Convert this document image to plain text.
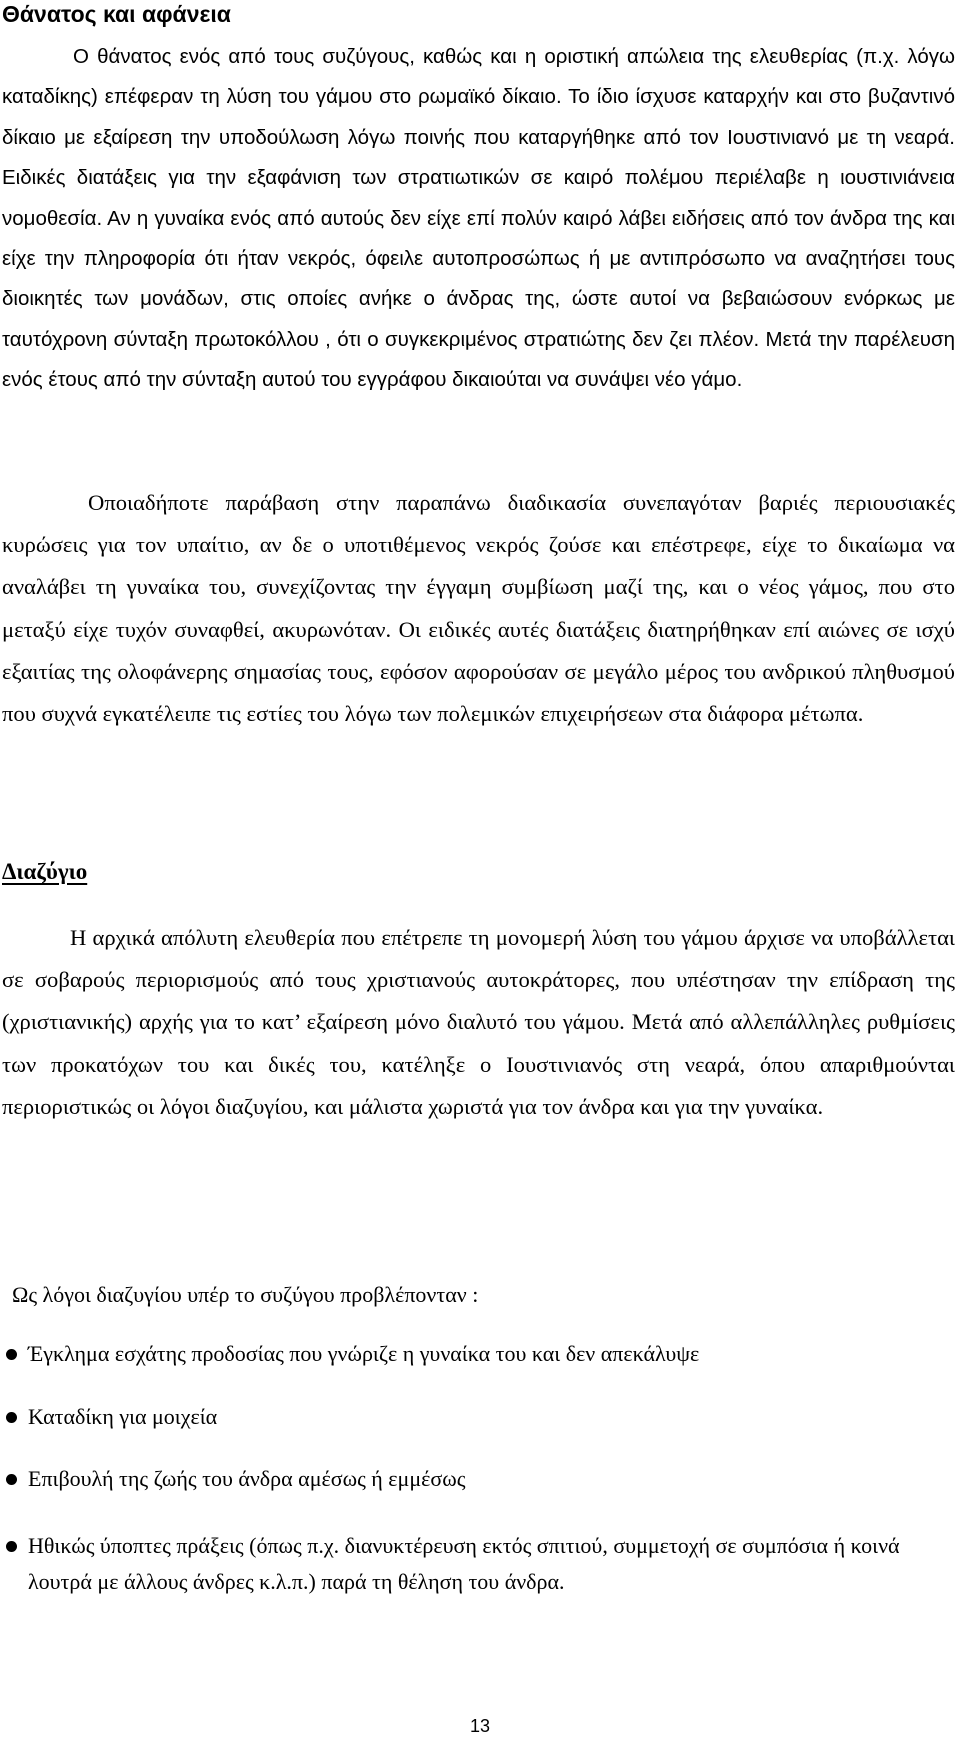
Θάνατος και αφάνεια

Ο θάνατος ενός από τους συζύγους, καθώς και η οριστική απώλεια της ελευθερίας (π.χ. λόγω καταδίκης) επέφεραν τη λύση του γάμου στο ρωμαϊκό δίκαιο. Το ίδιο ίσχυσε καταρχήν και στο βυζαντινό δίκαιο με εξαίρεση την υποδούλωση λόγω ποινής που καταργήθηκε από τον Ιουστινιανό με τη νεαρά. Ειδικές διατάξεις για την εξαφάνιση των στρατιωτικών σε καιρό πολέμου περιέλαβε η ιουστινιάνεια νομοθεσία. Αν η γυναίκα ενός από αυτούς δεν είχε επί πολύν καιρό λάβει ειδήσεις από τον άνδρα της και είχε την πληροφορία ότι ήταν νεκρός, όφειλε αυτοπροσώπως ή με αντιπρόσωπο να αναζητήσει τους διοικητές των μονάδων, στις οποίες ανήκε ο άνδρας της, ώστε αυτοί να βεβαιώσουν ενόρκως με ταυτόχρονη σύνταξη πρωτοκόλλου , ότι ο συγκεκριμένος στρατιώτης δεν ζει πλέον. Μετά την παρέλευση ενός έτους από την σύνταξη αυτού του εγγράφου δικαιούται να συνάψει νέο γάμο.

Οποιαδήποτε παράβαση στην παραπάνω διαδικασία συνεπαγόταν βαριές περιουσιακές κυρώσεις για τον υπαίτιο, αν δε ο υποτιθέμενος νεκρός ζούσε και επέστρεφε, είχε το δικαίωμα να αναλάβει τη γυναίκα του, συνεχίζοντας την έγγαμη συμβίωση μαζί της, και ο νέος γάμος, που στο μεταξύ είχε τυχόν συναφθεί, ακυρωνόταν. Οι ειδικές αυτές διατάξεις διατηρήθηκαν επί αιώνες σε ισχύ εξαιτίας της ολοφάνερης σημασίας τους, εφόσον αφορούσαν σε μεγάλο μέρος του ανδρικού πληθυσμού που συχνά εγκατέλειπε τις εστίες του λόγω των πολεμικών επιχειρήσεων στα διάφορα μέτωπα.

Διαζύγιο

Η αρχικά απόλυτη ελευθερία που επέτρεπε τη μονομερή λύση του γάμου άρχισε να υποβάλλεται σε σοβαρούς περιορισμούς από τους χριστιανούς αυτοκράτορες, που υπέστησαν την επίδραση της (χριστιανικής) αρχής για το κατ’ εξαίρεση μόνο διαλυτό του γάμου. Μετά από αλλεπάλληλες ρυθμίσεις των προκατόχων του και δικές του, κατέληξε ο Ιουστινιανός στη νεαρά, όπου απαριθμούνται περιοριστικώς οι λόγοι διαζυγίου, και μάλιστα χωριστά για τον άνδρα και για την γυναίκα.

Ως λόγοι διαζυγίου υπέρ το συζύγου προβλέπονταν :

Έγκλημα εσχάτης προδοσίας που γνώριζε η γυναίκα του και δεν απεκάλυψε
Καταδίκη για μοιχεία
Επιβουλή της ζωής του άνδρα αμέσως ή εμμέσως
Ηθικώς ύποπτες πράξεις (όπως π.χ. διανυκτέρευση εκτός σπιτιού, συμμετοχή σε συμπόσια ή κοινά λουτρά με άλλους άνδρες κ.λ.π.) παρά τη θέληση του άνδρα.
13
